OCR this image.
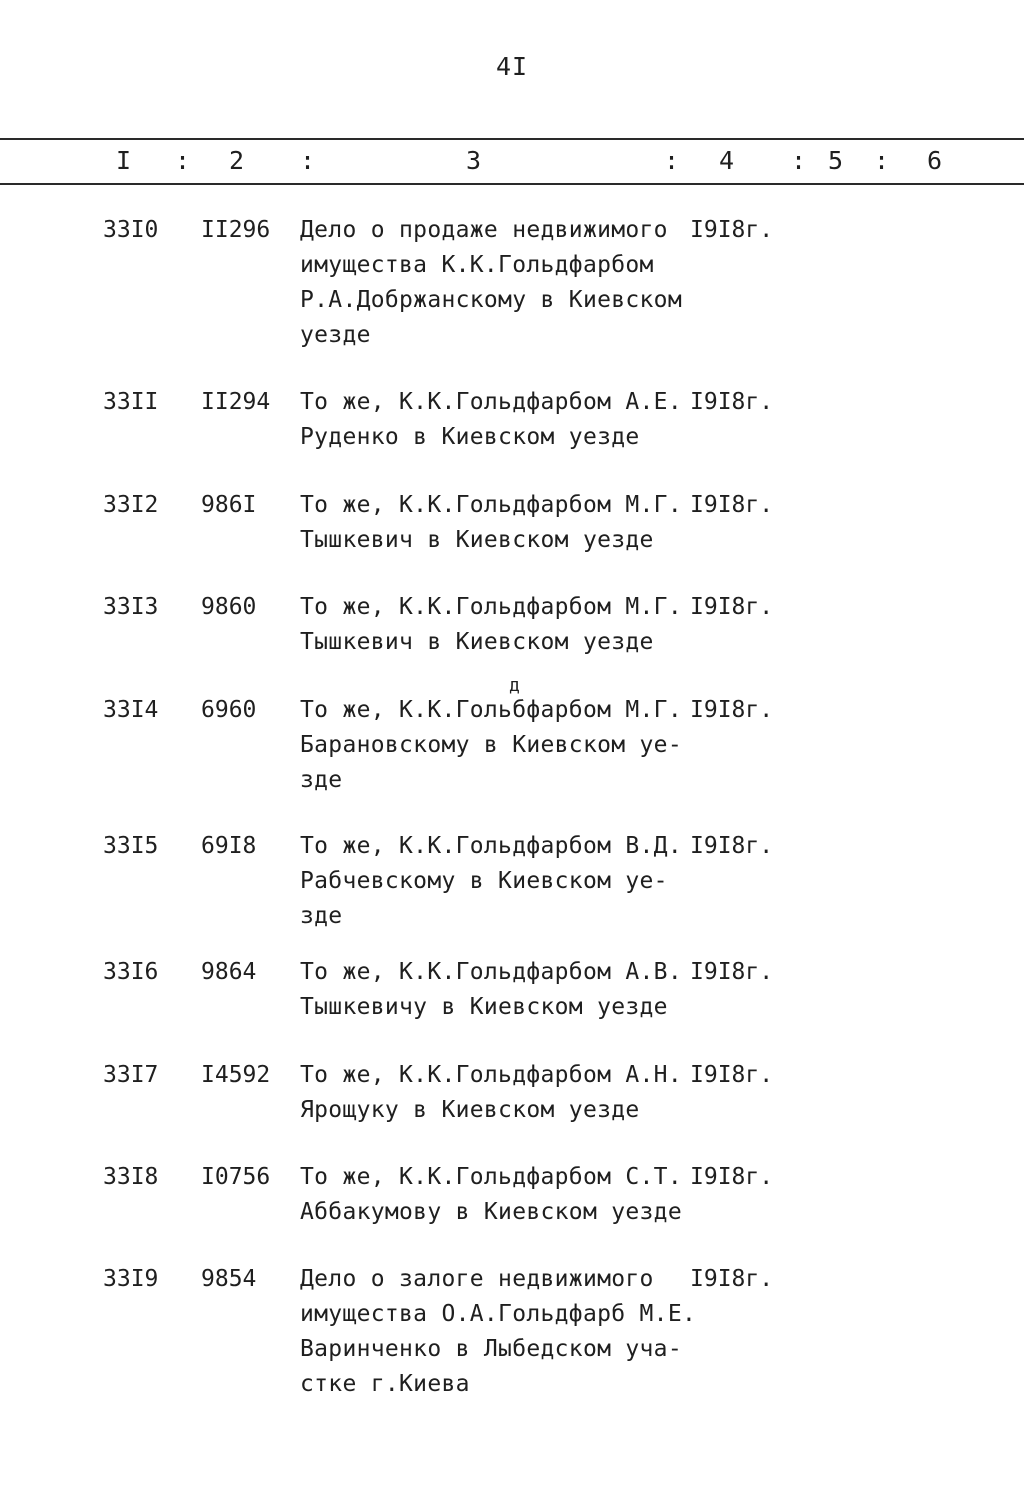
4I
I : 2 :	3	: 4 : 5 : 6
33I0 II296 Дело о продаже недвижимого
имущества К.К.Гольдфарбом
Р.А.Добржанскому в Киевском
уезде
I9I8г.
33II II294 То же, К.К.Гольдфарбом А.Е.
Руденко в Киевском уезде
I9I8г.
33I2 986I То же, К.К.Гольдфарбом М.Г.
Тышкевич в Киевском уезде
I9I8г.
33I3 9860 То же, К.К.Гольдфарбом М.Г.
Тышкевич в Киевском уезде
I9I8г.
33I4 6960 То же, К.К.Гольбфарбом М.Г.
Барановскому в Киевском уе-
зде
I9I8г.
д
33I5 69I8 То же, К.К.Гольдфарбом В.Д.
Рабчевскому в Киевском уе-
зде
I9I8г.
33I6 9864 То же, К.К.Гольдфарбом А.В.
Тышкевичу в Киевском уезде
I9I8г.
33I7 I4592 То же, К.К.Гольдфарбом А.Н.
Ярощуку в Киевском уезде
I9I8г.
33I8 I0756 То же, К.К.Гольдфарбом С.Т.
Аббакумову в Киевском уезде
I9I8г.
33I9 9854 Дело о залоге недвижимого
имущества О.А.Гольдфарб М.Е.
Варинченко в Лыбедском уча-
стке г.Киева
I9I8г.
